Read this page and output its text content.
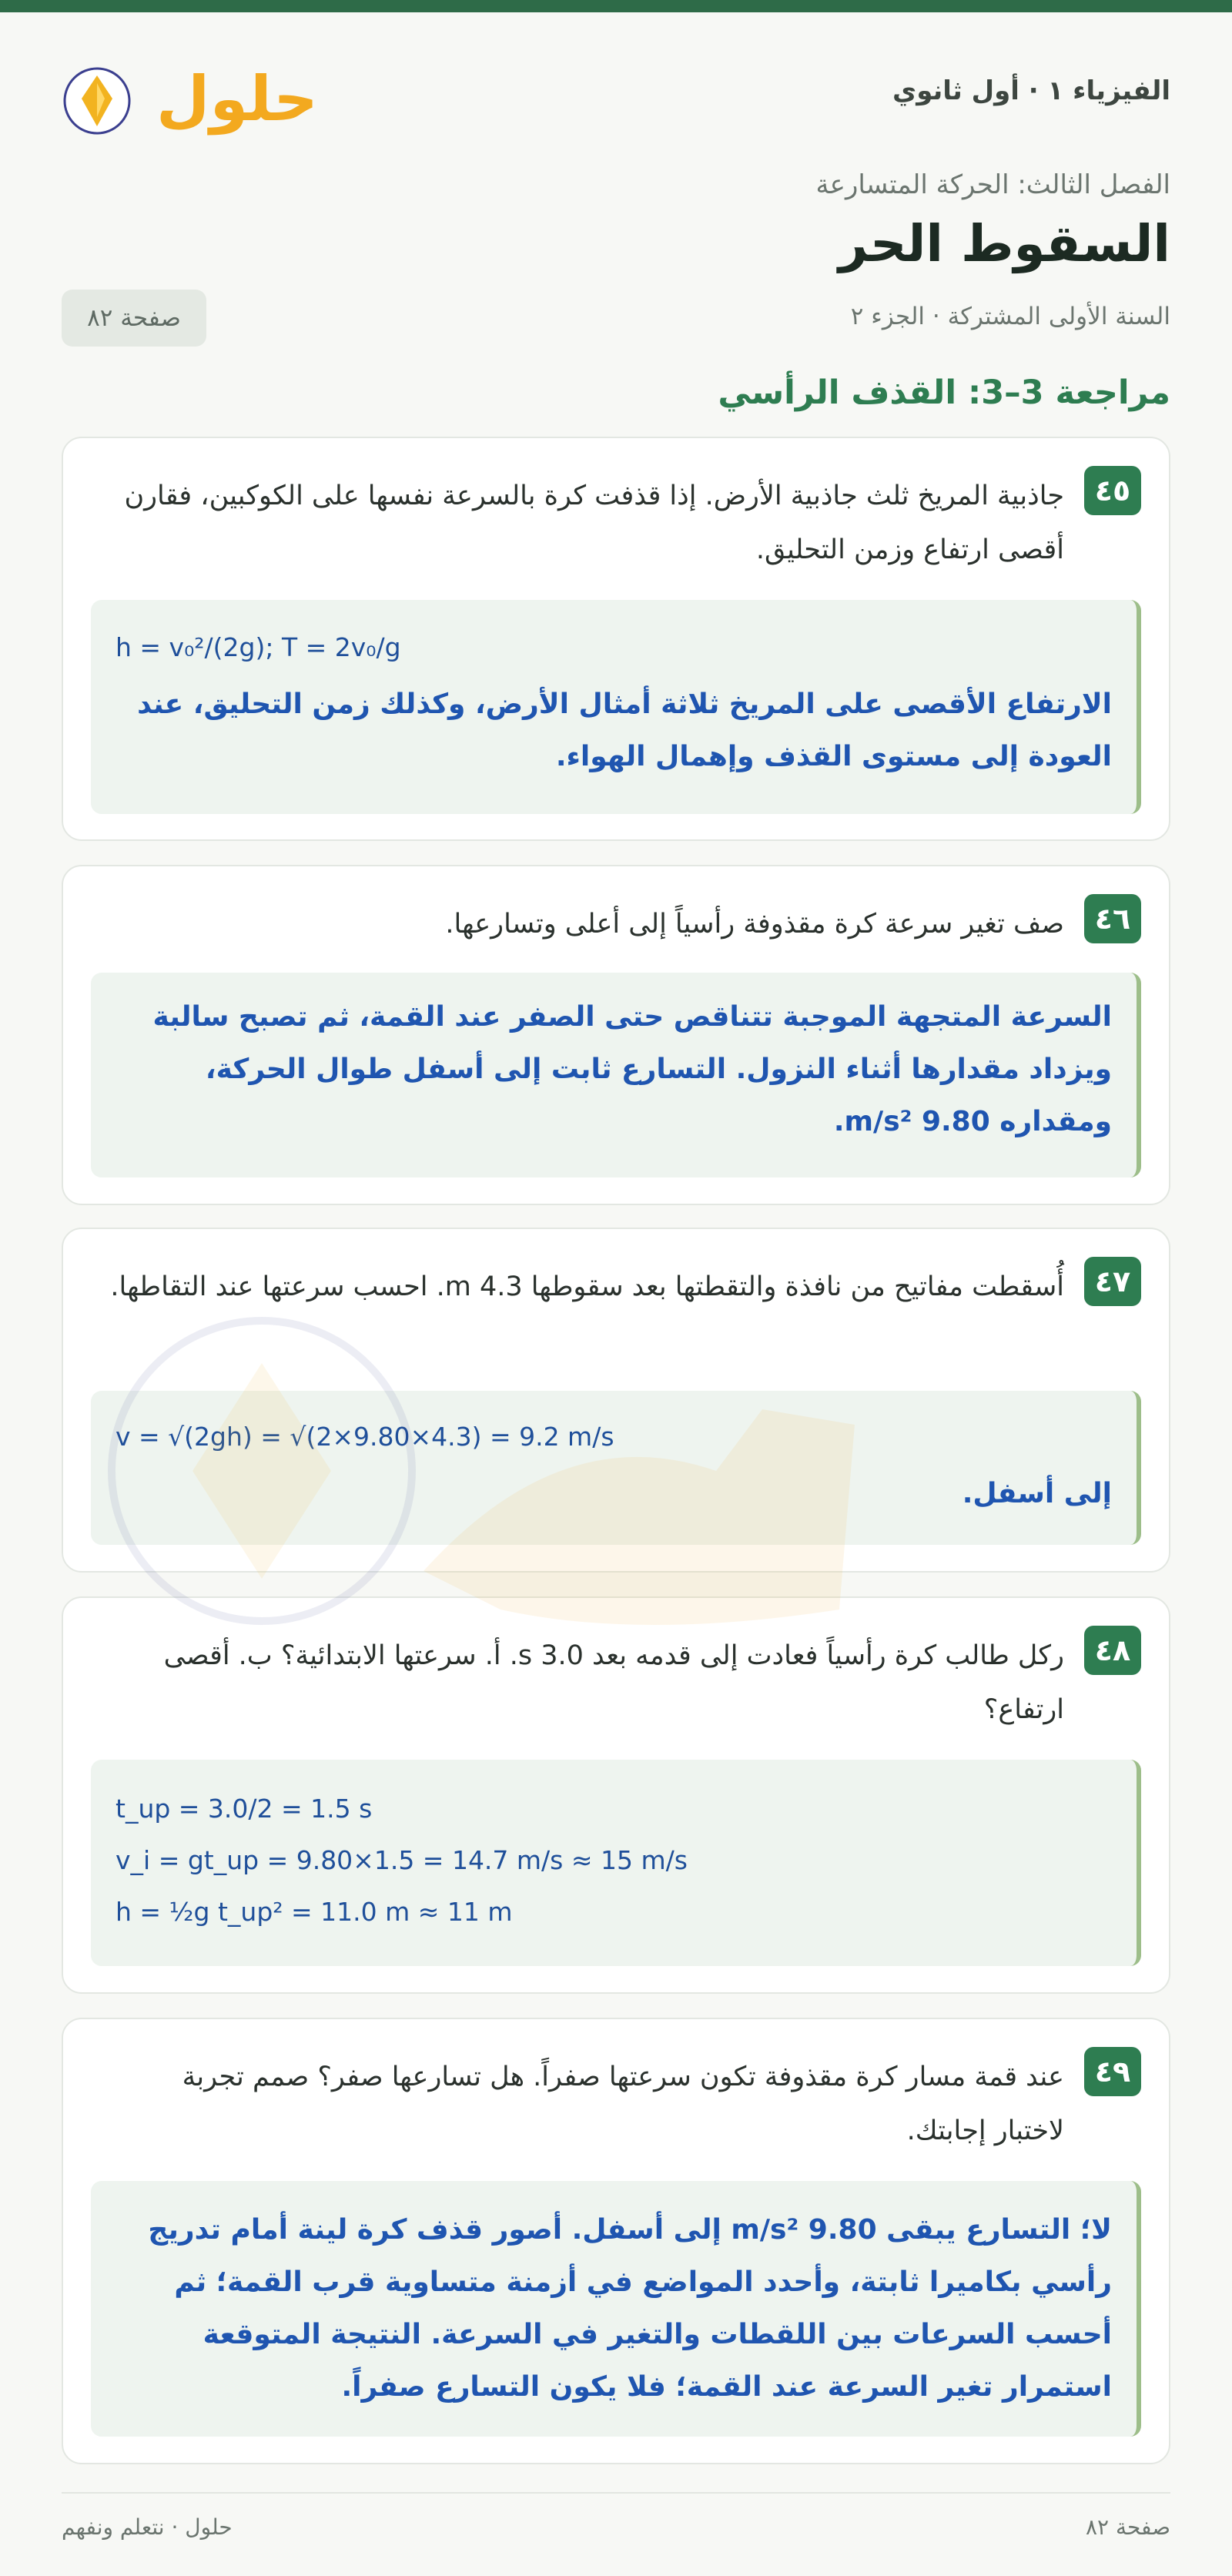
الفيزياء ١ · أول ثانوي
حلول
الفصل الثالث: الحركة المتسارعة
السقوط الحر
السنة الأولى المشتركة · الجزء ٢
صفحة ٨٢
مراجعة 3–3: القذف الرأسي
٤٥
جاذبية المريخ ثلث جاذبية الأرض. إذا قذفت كرة بالسرعة نفسها على الكوكبين، فقارن أقصى ارتفاع وزمن التحليق.
h = v₀²/(2g); T = 2v₀/g
الارتفاع الأقصى على المريخ ثلاثة أمثال الأرض، وكذلك زمن التحليق، عند العودة إلى مستوى القذف وإهمال الهواء.
٤٦
صف تغير سرعة كرة مقذوفة رأسياً إلى أعلى وتسارعها.
السرعة المتجهة الموجبة تتناقص حتى الصفر عند القمة، ثم تصبح سالبة ويزداد مقدارها أثناء النزول. التسارع ثابت إلى أسفل طوال الحركة، ومقداره 9.80 m/s².
٤٧
أُسقطت مفاتيح من نافذة والتقطتها بعد سقوطها 4.3 m. احسب سرعتها عند التقاطها.
v = √(2gh) = √(2×9.80×4.3) = 9.2 m/s
إلى أسفل.
٤٨
ركل طالب كرة رأسياً فعادت إلى قدمه بعد 3.0 s. أ. سرعتها الابتدائية؟ ب. أقصى ارتفاع؟
t_up = 3.0/2 = 1.5 s
v_i = gt_up = 9.80×1.5 = 14.7 m/s ≈ 15 m/s
h = ½g t_up² = 11.0 m ≈ 11 m
٤٩
عند قمة مسار كرة مقذوفة تكون سرعتها صفراً. هل تسارعها صفر؟ صمم تجربة لاختبار إجابتك.
لا؛ التسارع يبقى 9.80 m/s² إلى أسفل. أصور قذف كرة لينة أمام تدريج رأسي بكاميرا ثابتة، وأحدد المواضع في أزمنة متساوية قرب القمة؛ ثم أحسب السرعات بين اللقطات والتغير في السرعة. النتيجة المتوقعة استمرار تغير السرعة عند القمة؛ فلا يكون التسارع صفراً.
صفحة ٨٢
حلول · نتعلم ونفهم
